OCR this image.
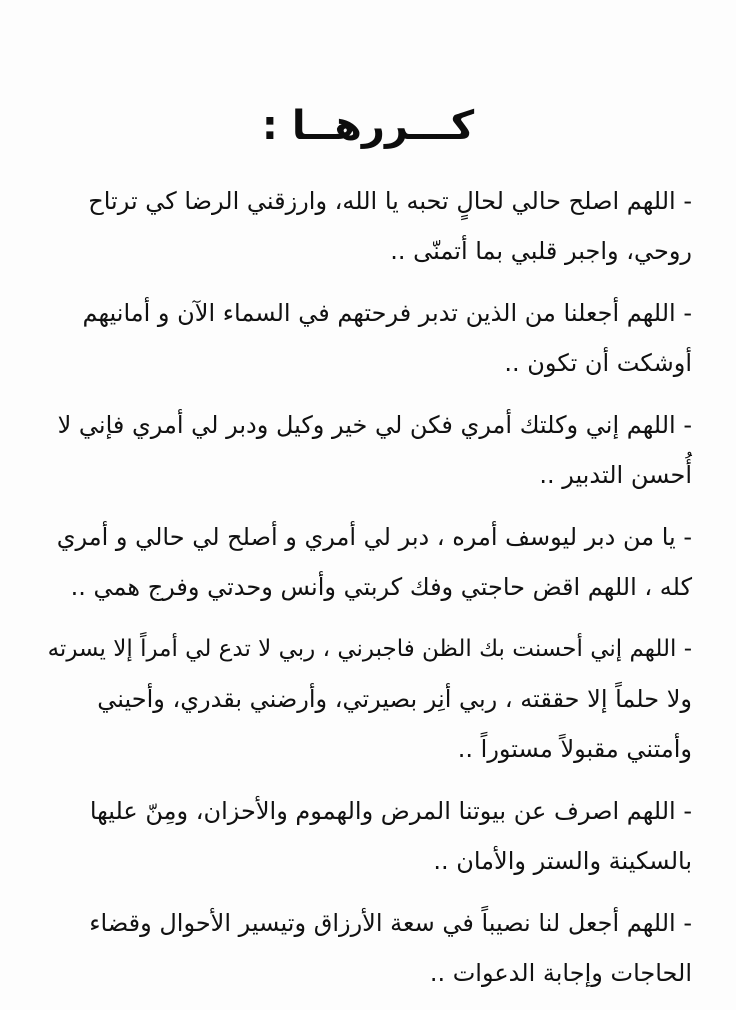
كـــررهــا :
- اللهم اصلح حالي لحالٍ تحبه يا الله، وارزقني الرضا كي ترتاح
روحي، واجبر قلبي بما أتمنّى ..
- اللهم أجعلنا من الذين تدبر فرحتهم في السماء الآن و أمانيهم
أوشكت أن تكون ..
- اللهم إني وكلتك أمري فكن لي خير وكيل ودبر لي أمري فإني لا
أُحسن التدبير ..
- يا من دبر ليوسف أمره ، دبر لي أمري و أصلح لي حالي و أمري
كله ، اللهم اقض حاجتي وفك كربتي وأنس وحدتي وفرج همي ..
- اللهم إني أحسنت بك الظن فاجبرني ، ربي لا تدع لي أمراً إلا يسرته
ولا حلماً إلا حققته ، ربي أنِر بصيرتي، وأرضني بقدري، وأحيني
وأمتني مقبولاً مستوراً ..
- اللهم اصرف عن بيوتنا المرض والهموم والأحزان، ومِنّ عليها
بالسكينة والستر والأمان ..
- اللهم أجعل لنا نصيباً في سعة الأرزاق وتيسير الأحوال وقضاء
الحاجات وإجابة الدعوات ..
